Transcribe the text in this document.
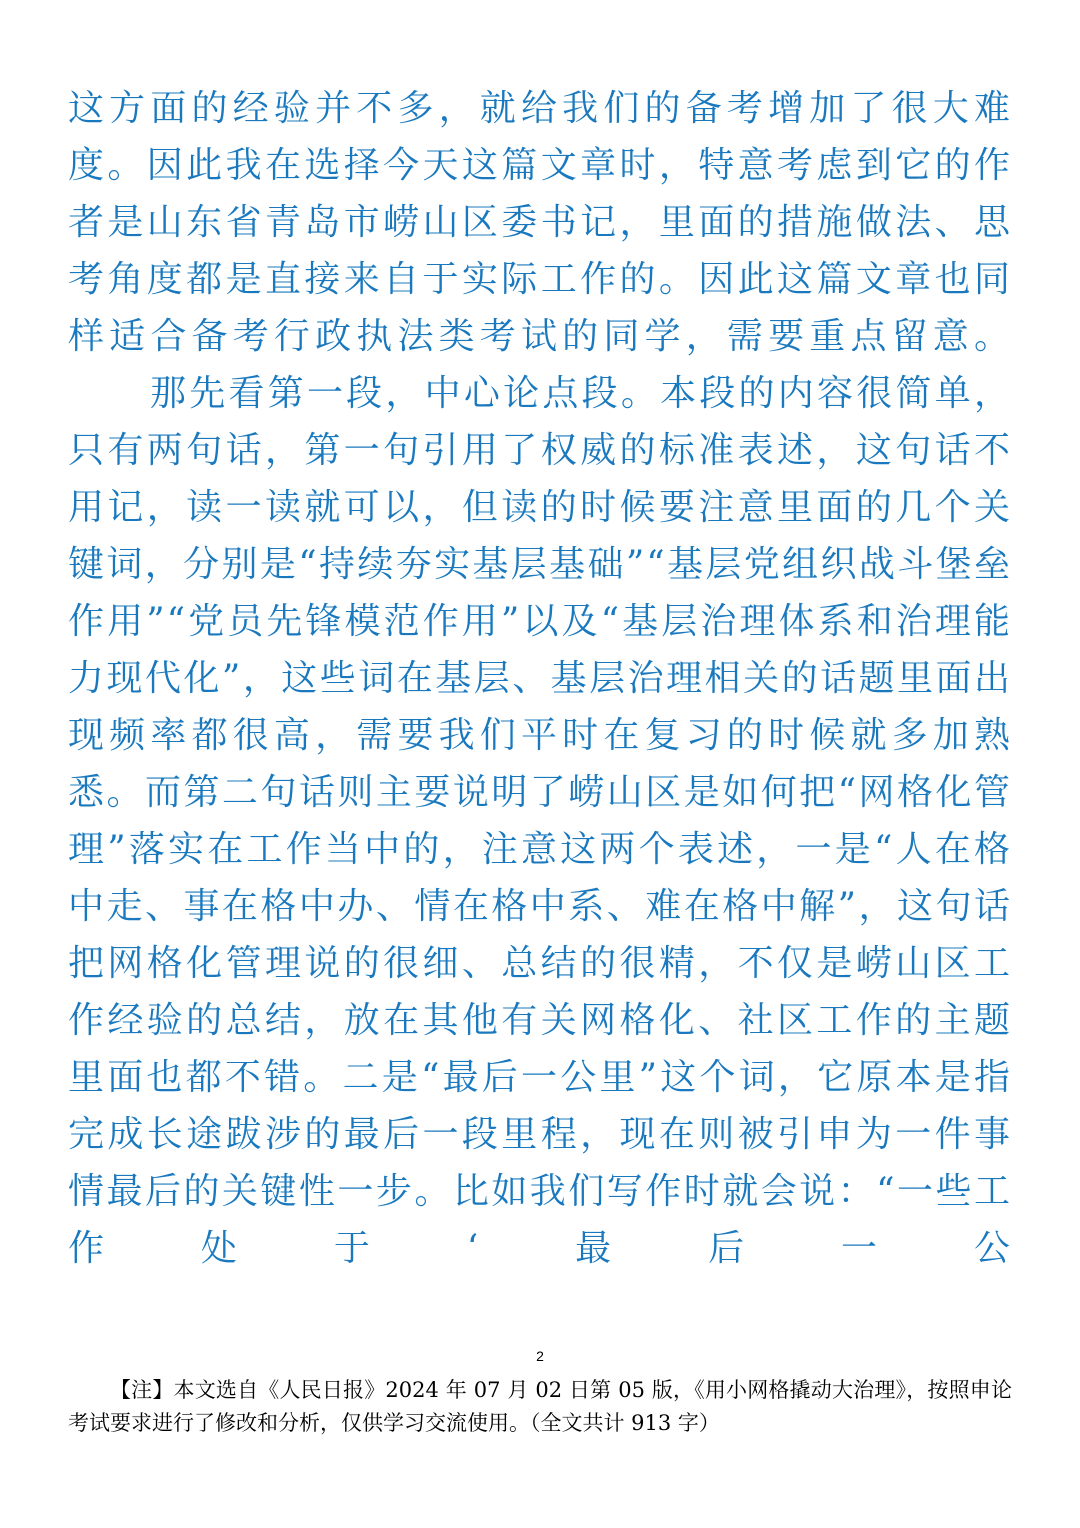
这方面的经验并不多，就给我们的备考增加了很大难度。因此我在选择今天这篇文章时，特意考虑到它的作者是山东省青岛市崂山区委书记，里面的措施做法、思考角度都是直接来自于实际工作的。因此这篇文章也同样适合备考行政执法类考试的同学，需要重点留意。

那先看第一段，中心论点段。本段的内容很简单，只有两句话，第一句引用了权威的标准表述，这句话不用记，读一读就可以，但读的时候要注意里面的几个关键词，分别是“持续夯实基层基础”“基层党组织战斗堡垒作用”“党员先锋模范作用”以及“基层治理体系和治理能力现代化”，这些词在基层、基层治理相关的话题里面出现频率都很高，需要我们平时在复习的时候就多加熟悉。而第二句话则主要说明了崂山区是如何把“网格化管理”落实在工作当中的，注意这两个表述，一是“人在格中走、事在格中办、情在格中系、难在格中解”，这句话把网格化管理说的很细、总结的很精，不仅是崂山区工作经验的总结，放在其他有关网格化、社区工作的主题里面也都不错。二是“最后一公里”这个词，它原本是指完成长途跋涉的最后一段里程，现在则被引申为一件事情最后的关键性一步。比如我们写作时就会说：“一些工作处于‘最后一公

2

【注】本文选自《人民日报》2024 年 07 月 02 日第 05 版，《用小网格撬动大治理》，按照申论考试要求进行了修改和分析，仅供学习交流使用。（全文共计 913 字）
